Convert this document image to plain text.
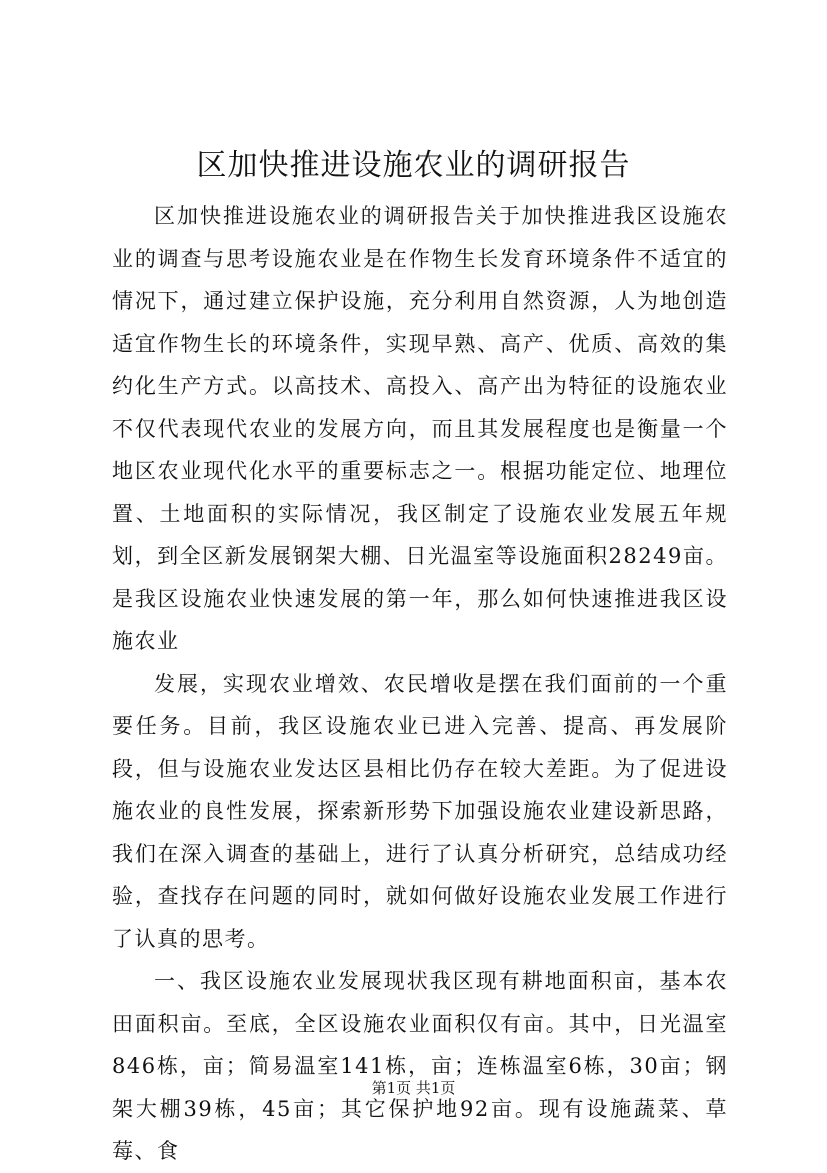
区加快推进设施农业的调研报告

区加快推进设施农业的调研报告关于加快推进我区设施农业的调查与思考设施农业是在作物生长发育环境条件不适宜的情况下，通过建立保护设施，充分利用自然资源，人为地创造适宜作物生长的环境条件，实现早熟、高产、优质、高效的集约化生产方式。以高技术、高投入、高产出为特征的设施农业不仅代表现代农业的发展方向，而且其发展程度也是衡量一个地区农业现代化水平的重要标志之一。根据功能定位、地理位置、土地面积的实际情况，我区制定了设施农业发展五年规划，到全区新发展钢架大棚、日光温室等设施面积28249亩。是我区设施农业快速发展的第一年，那么如何快速推进我区设施农业

发展，实现农业增效、农民增收是摆在我们面前的一个重要任务。目前，我区设施农业已进入完善、提高、再发展阶段，但与设施农业发达区县相比仍存在较大差距。为了促进设施农业的良性发展，探索新形势下加强设施农业建设新思路，我们在深入调查的基础上，进行了认真分析研究，总结成功经验，查找存在问题的同时，就如何做好设施农业发展工作进行了认真的思考。

一、我区设施农业发展现状我区现有耕地面积亩，基本农田面积亩。至底，全区设施农业面积仅有亩。其中，日光温室846栋，亩；简易温室141栋，亩；连栋温室6栋，30亩；钢架大棚39栋，45亩；其它保护地92亩。现有设施蔬菜、草莓、食

第1页 共1页
